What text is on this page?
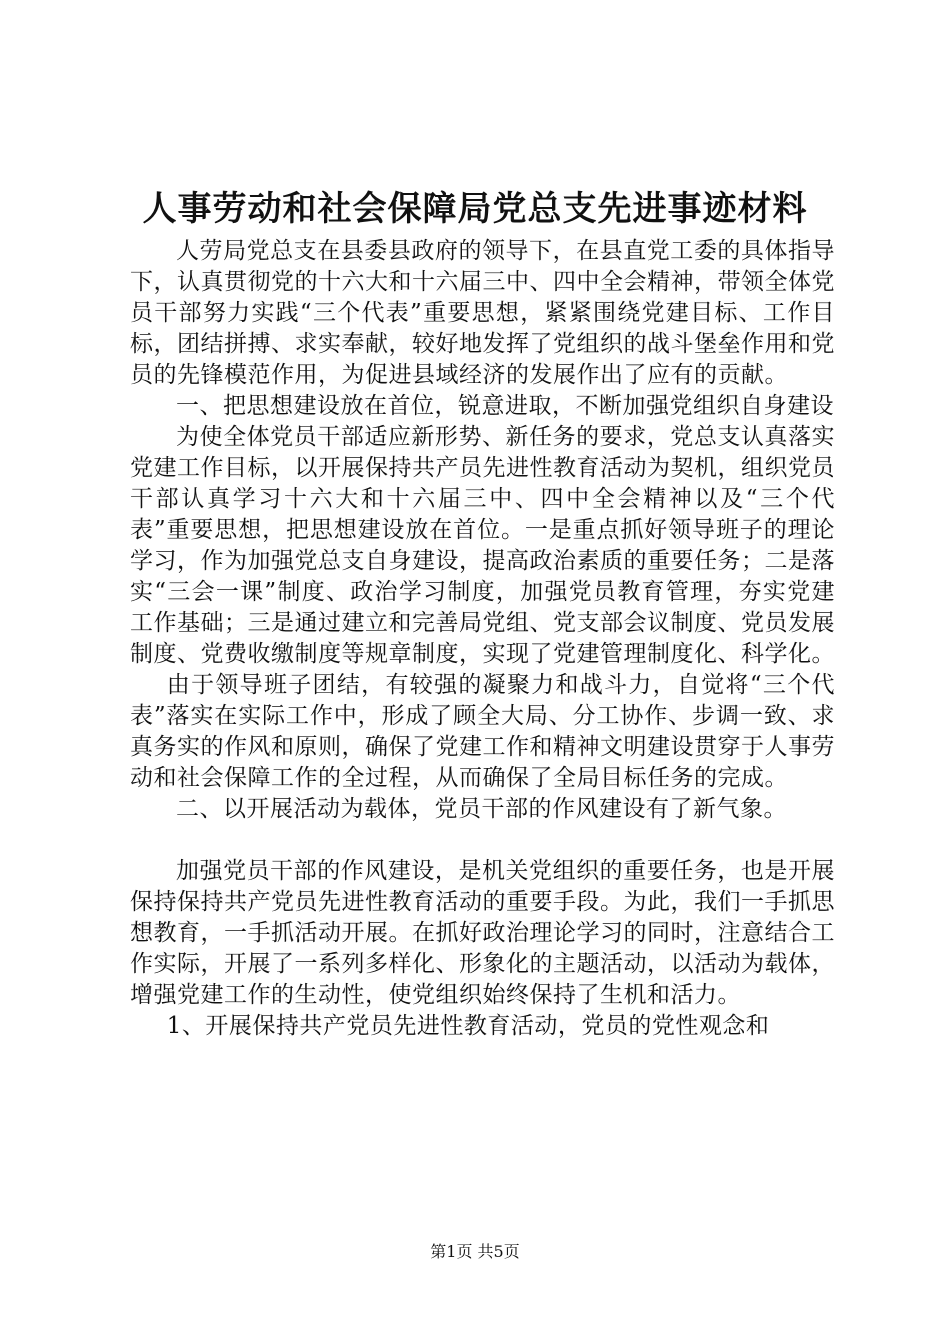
人事劳动和社会保障局党总支先进事迹材料

人劳局党总支在县委县政府的领导下，在县直党工委的具体指导下，认真贯彻党的十六大和十六届三中、四中全会精神，带领全体党员干部努力实践“三个代表”重要思想，紧紧围绕党建目标、工作目标，团结拼搏、求实奉献，较好地发挥了党组织的战斗堡垒作用和党员的先锋模范作用，为促进县域经济的发展作出了应有的贡献。

一、把思想建设放在首位，锐意进取，不断加强党组织自身建设

为使全体党员干部适应新形势、新任务的要求，党总支认真落实党建工作目标，以开展保持共产员先进性教育活动为契机，组织党员干部认真学习十六大和十六届三中、四中全会精神以及“三个代表”重要思想，把思想建设放在首位。一是重点抓好领导班子的理论学习，作为加强党总支自身建设，提高政治素质的重要任务；二是落实“三会一课”制度、政治学习制度，加强党员教育管理，夯实党建工作基础；三是通过建立和完善局党组、党支部会议制度、党员发展制度、党费收缴制度等规章制度，实现了党建管理制度化、科学化。

由于领导班子团结，有较强的凝聚力和战斗力，自觉将“三个代表”落实在实际工作中，形成了顾全大局、分工协作、步调一致、求真务实的作风和原则，确保了党建工作和精神文明建设贯穿于人事劳动和社会保障工作的全过程，从而确保了全局目标任务的完成。

二、以开展活动为载体，党员干部的作风建设有了新气象。

加强党员干部的作风建设，是机关党组织的重要任务，也是开展保持保持共产党员先进性教育活动的重要手段。为此，我们一手抓思想教育，一手抓活动开展。在抓好政治理论学习的同时，注意结合工作实际，开展了一系列多样化、形象化的主题活动，以活动为载体，增强党建工作的生动性，使党组织始终保持了生机和活力。

1、开展保持共产党员先进性教育活动，党员的党性观念和

第1页 共5页
